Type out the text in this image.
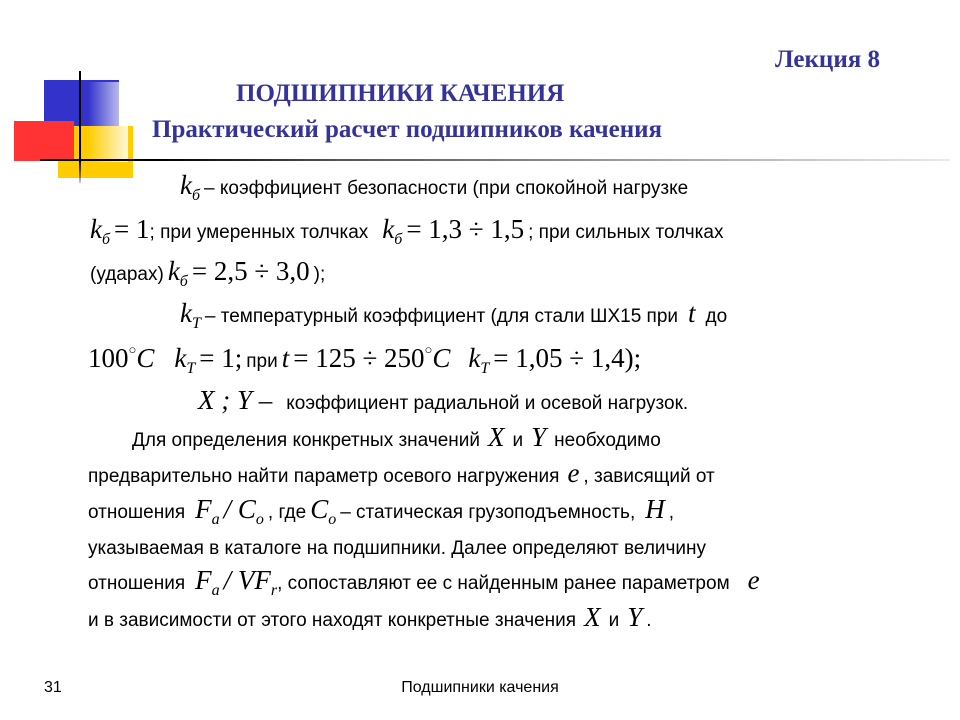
Лекция 8
ПОДШИПНИКИ КАЧЕНИЯ
Практический расчет подшипников качения
kб – коэффициент безопасности (при спокойной нагрузке
kб = 1; при умеренных толчках kб = 1,3 ÷ 1,5 ; при сильных толчках
(ударах) kб = 2,5 ÷ 3,0 );
kT – температурный коэффициент (для стали ШХ15 при t до
100○C kT = 1; при t = 125 ÷ 250○C kT = 1,05 ÷ 1,4);
X ; Y – коэффициент радиальной и осевой нагрузок.
Для определения конкретных значений X и Y необходимо
предварительно найти параметр осевого нагружения e , зависящий от
отношения Fa / Co , где Co – статическая грузоподъемность, H ,
указываемая в каталоге на подшипники. Далее определяют величину
отношения Fa / VFr, сопоставляют ее с найденным ранее параметром e
и в зависимости от этого находят конкретные значения X и Y .
31	Подшипники качения
